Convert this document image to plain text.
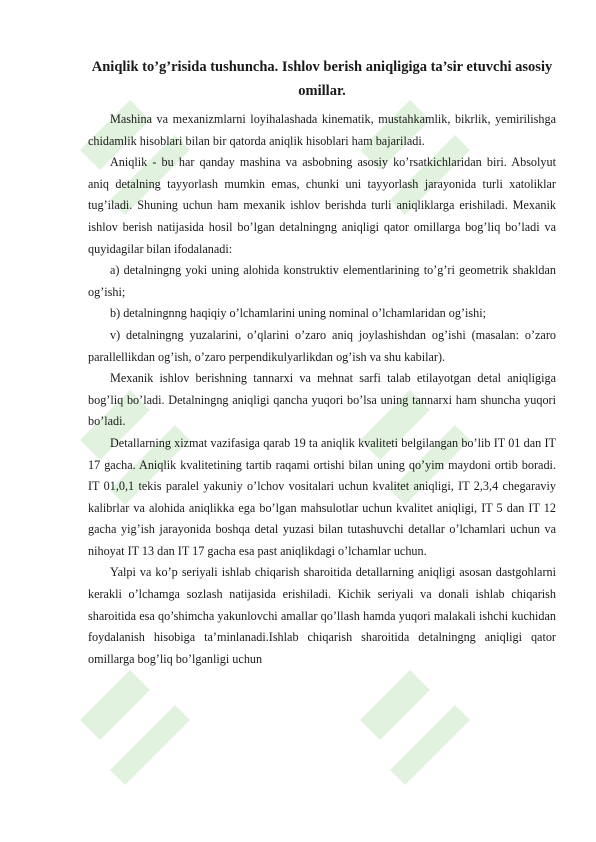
Aniqlik to’g’risida tushuncha. Ishlov berish aniqligiga ta’sir etuvchi asosiy omillar.

Mashina va mexanizmlarni loyihalashada kinematik, mustahkamlik, bikrlik, yemirilishga chidamlik hisoblari bilan bir qatorda aniqlik hisoblari ham bajariladi.

Aniqlik - bu har qanday mashina va asbobning asosiy ko’rsatkichlaridan biri. Absolyut aniq detalning tayyorlash mumkin emas, chunki uni tayyorlash jarayonida turli xatoliklar tug’iladi. Shuning uchun ham mexanik ishlov berishda turli aniqliklarga erishiladi. Mexanik ishlov berish natijasida hosil bo’lgan detalningng aniqligi qator omillarga bog’liq bo’ladi va quyidagilar bilan ifodalanadi:

a) detalningng yoki uning alohida konstruktiv elementlarining to’g’ri geometrik shakldan og’ishi;

b) detalningnng haqiqiy o’lchamlarini uning nominal o’lchamlaridan og’ishi;

v) detalningng yuzalarini, o’qlarini o’zaro aniq joylashishdan og’ishi (masalan: o’zaro parallellikdan og’ish, o’zaro perpendikulyarlikdan og’ish va shu kabilar).

Mexanik ishlov berishning tannarxi va mehnat sarfi talab etilayotgan detal aniqligiga bog’liq bo’ladi. Detalningng aniqligi qancha yuqori bo’lsa uning tannarxi ham shuncha yuqori bo’ladi.

Detallarning xizmat vazifasiga qarab 19 ta aniqlik kvaliteti belgilangan bo’lib IT 01 dan IT 17 gacha. Aniqlik kvalitetining tartib raqami ortishi bilan uning qo’yim maydoni ortib boradi. IT 01,0,1 tekis paralel yakuniy o’lchov vositalari uchun kvalitet aniqligi, IT 2,3,4 chegaraviy kalibrlar va alohida aniqlikka ega bo’lgan mahsulotlar uchun kvalitet aniqligi, IT 5 dan IT 12 gacha yig’ish jarayonida boshqa detal yuzasi bilan tutashuvchi detallar o’lchamlari uchun va nihoyat IT 13 dan IT 17 gacha esa past aniqlikdagi o’lchamlar uchun.

Yalpi va ko’p seriyali ishlab chiqarish sharoitida detallarning aniqligi asosan dastgohlarni kerakli o’lchamga sozlash natijasida erishiladi. Kichik seriyali va donali ishlab chiqarish sharoitida esa qo’shimcha yakunlovchi amallar qo’llash hamda yuqori malakali ishchi kuchidan foydalanish hisobiga ta’minlanadi.Ishlab chiqarish sharoitida detalningng aniqligi qator omillarga bog’liq bo’lganligi uchun
